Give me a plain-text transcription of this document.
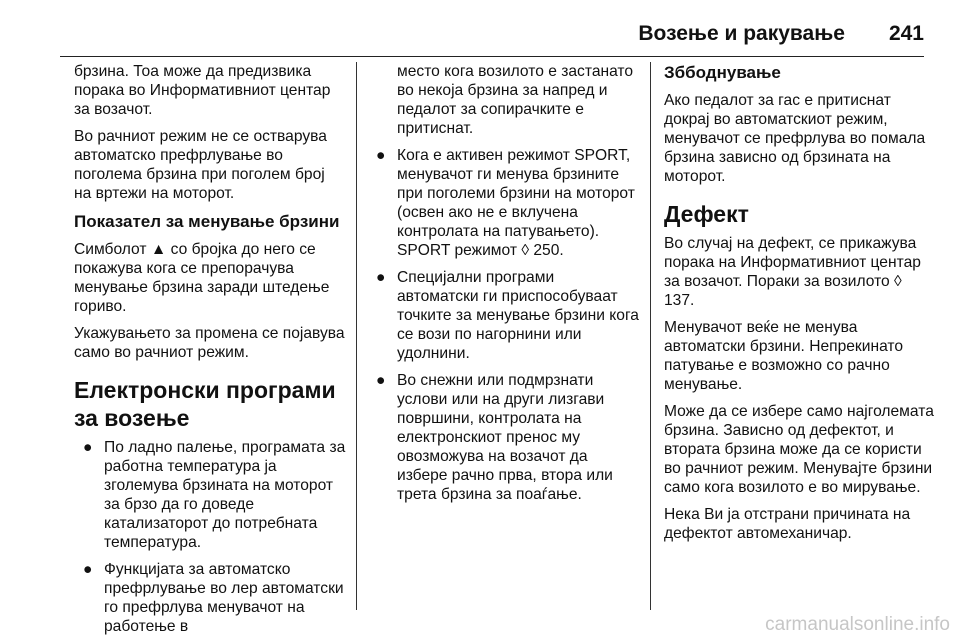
Возење и ракување 241

брзина. Тоа може да предизвика порака во Информативниот центар за возачот.

Во рачниот режим не се остварува автоматско префрлување во поголема брзина при поголем број на вртежи на моторот.

Показател за менување брзини

Симболот ▲ со бројка до него се покажува кога се препорачува менување брзина заради штедење гориво.

Укажувањето за промена се појавува само во рачниот режим.

Електронски програми за возење
● По ладно палење, програмата за работна температура ја зголемува брзината на моторот за брзо да го доведе катализаторот до потребната температура.
● Функцијата за автоматско префрлување во лер автоматски го префрлува менувачот на работење в
место кога возилото е застанато во некоја брзина за напред и педалот за сопирачките е притиснат.
● Кога е активен режимот SPORT, менувачот ги менува брзините при поголеми брзини на моторот (освен ако не е вклучена контролата на патувањето). SPORT режимот ◊ 250.
● Специјални програми автоматски ги приспособуваат точките за менување брзини кога се вози по нагорнини или удолнини.
● Во снежни или подмрзнати услови или на други лизгави површини, контролата на електронскиот пренос му овозможува на возачот да избере рачно прва, втора или трета брзина за поаѓање.
Зббоднување

Ако педалот за гас е притиснат докрај во автоматскиот режим, менувачот се префрлува во помала брзина зависно од брзината на моторот.

Дефект

Во случај на дефект, се прикажува порака на Информативниот центар за возачот. Пораки за возилото ◊ 137.

Менувачот веќе не менува автоматски брзини. Непрекинато патување е возможно со рачно менување.

Може да се избере само најголемата брзина. Зависно од дефектот, и втората брзина може да се користи во рачниот режим. Менувајте брзини само кога возилото е во мирување.

Нека Ви ја отстрани причината на дефектот автомеханичар.

carmanualsonline.info
